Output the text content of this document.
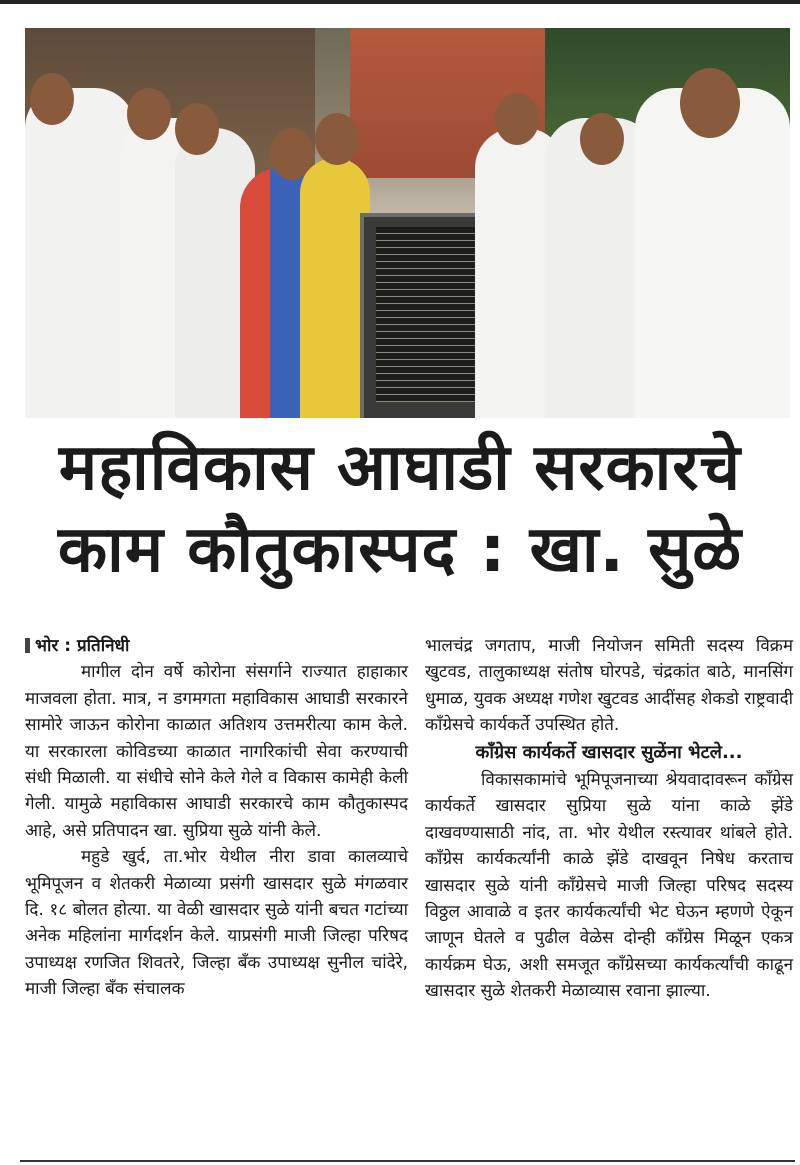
महाविकास आघाडी सरकारचे
काम कौतुकास्पद : खा. सुळे

भोर : प्रतिनिधी

मागील दोन वर्षे कोरोना संसर्गाने राज्यात हाहाकार माजवला होता. मात्र, न डगमगता महाविकास आघाडी सरकारने सामोरे जाऊन कोरोना काळात अतिशय उत्तमरीत्या काम केले. या सरकारला कोविडच्या काळात नागरिकांची सेवा करण्याची संधी मिळाली. या संधीचे सोने केले गेले व विकास कामेही केली गेली. यामुळे महाविकास आघाडी सरकारचे काम कौतुकास्पद आहे, असे प्रतिपादन खा. सुप्रिया सुळे यांनी केले.

महुडे खुर्द, ता.भोर येथील नीरा डावा कालव्याचे भूमिपूजन व शेतकरी मेळाव्या प्रसंगी खासदार सुळे मंगळवार दि. १८ बोलत होत्या. या वेळी खासदार सुळे यांनी बचत गटांच्या अनेक महिलांना मार्गदर्शन केले. याप्रसंगी माजी जिल्हा परिषद उपाध्यक्ष रणजित शिवतरे, जिल्हा बँक उपाध्यक्ष सुनील चांदेरे, माजी जिल्हा बँक संचालक

भालचंद्र जगताप, माजी नियोजन समिती सदस्य विक्रम खुटवड, तालुकाध्यक्ष संतोष घोरपडे, चंद्रकांत बाठे, मानसिंग धुमाळ, युवक अध्यक्ष गणेश खुटवड आदींसह शेकडो राष्ट्रवादी काँग्रेसचे कार्यकर्ते उपस्थित होते.

काँग्रेस कार्यकर्ते खासदार सुळेंना भेटले...

विकासकामांचे भूमिपूजनाच्या श्रेयवादावरून काँग्रेस कार्यकर्ते खासदार सुप्रिया सुळे यांना काळे झेंडे दाखवण्यासाठी नांद, ता. भोर येथील रस्त्यावर थांबले होते. काँग्रेस कार्यकर्त्यांनी काळे झेंडे दाखवून निषेध करताच खासदार सुळे यांनी काँग्रेसचे माजी जिल्हा परिषद सदस्य विठ्ठल आवाळे व इतर कार्यकर्त्यांची भेट घेऊन म्हणणे ऐकून जाणून घेतले व पुढील वेळेस दोन्ही काँग्रेस मिळून एकत्र कार्यक्रम घेऊ, अशी समजूत काँग्रेसच्या कार्यकर्त्यांची काढून खासदार सुळे शेतकरी मेळाव्यास रवाना झाल्या.
